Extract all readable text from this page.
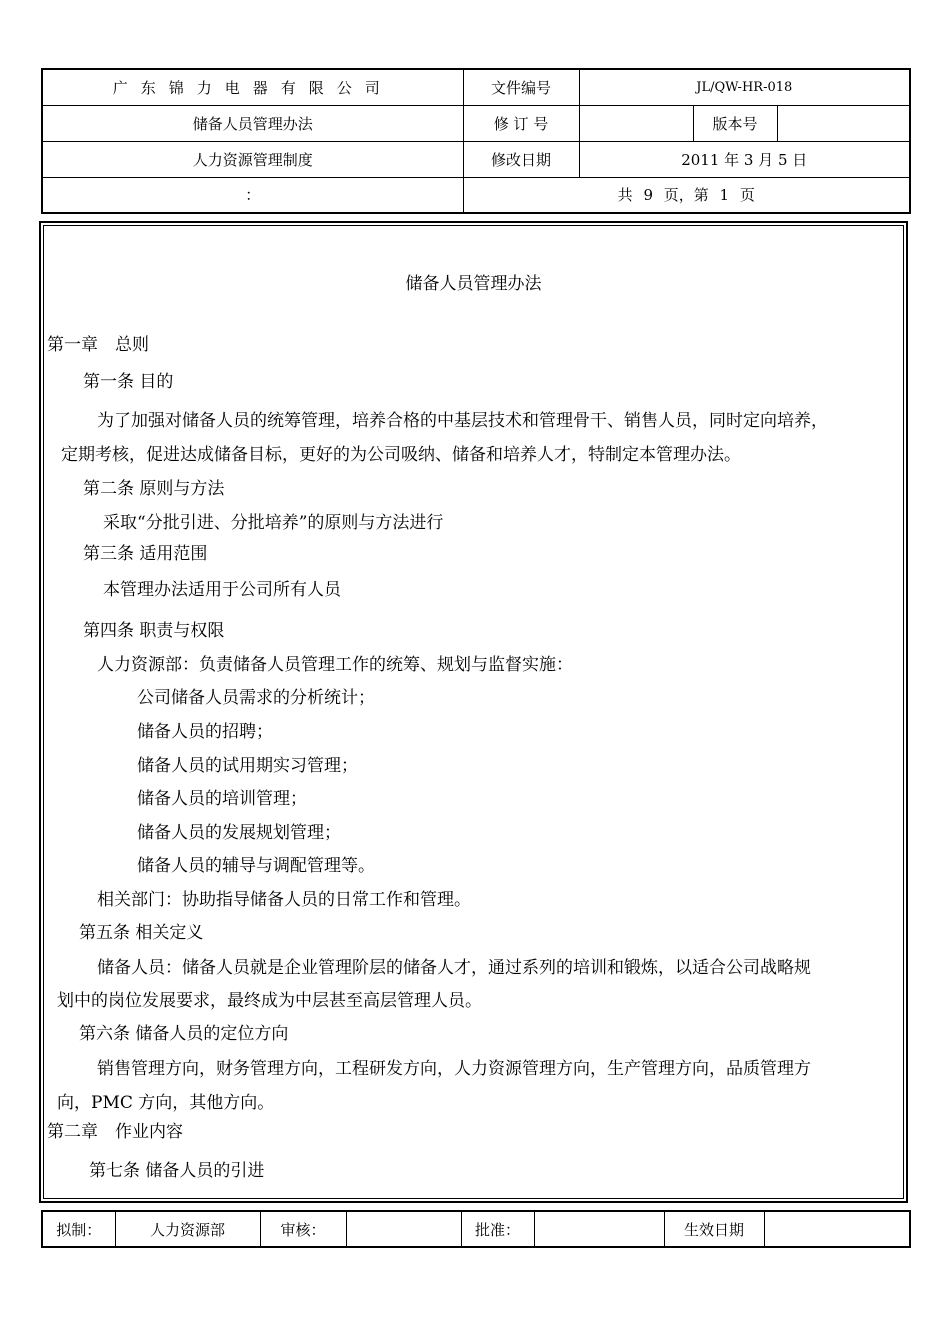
广东锦力电器有限公司	文件编号	JL/QW-HR-018		
储备人员管理办法	修 订 号		版本号	
人力资源管理制度	修改日期	2011 年 3 月 5 日		
：	共 9 页，第 1 页			
储备人员管理办法
第一章　总则
第一条 目的
为了加强对储备人员的统筹管理，培养合格的中基层技术和管理骨干、销售人员，同时定向培养，
定期考核，促进达成储备目标，更好的为公司吸纳、储备和培养人才，特制定本管理办法。
第二条 原则与方法
采取“分批引进、分批培养”的原则与方法进行
第三条 适用范围
本管理办法适用于公司所有人员
第四条 职责与权限
人力资源部：负责储备人员管理工作的统筹、规划与监督实施：
公司储备人员需求的分析统计；
储备人员的招聘；
储备人员的试用期实习管理；
储备人员的培训管理；
储备人员的发展规划管理；
储备人员的辅导与调配管理等。
相关部门：协助指导储备人员的日常工作和管理。
第五条 相关定义
储备人员：储备人员就是企业管理阶层的储备人才，通过系列的培训和锻炼，以适合公司战略规
划中的岗位发展要求，最终成为中层甚至高层管理人员。
第六条 储备人员的定位方向
销售管理方向，财务管理方向，工程研发方向，人力资源管理方向，生产管理方向，品质管理方
向，PMC 方向，其他方向。
第二章　作业内容
第七条 储备人员的引进
拟制：	人力资源部	审核：		批准：		生效日期	
